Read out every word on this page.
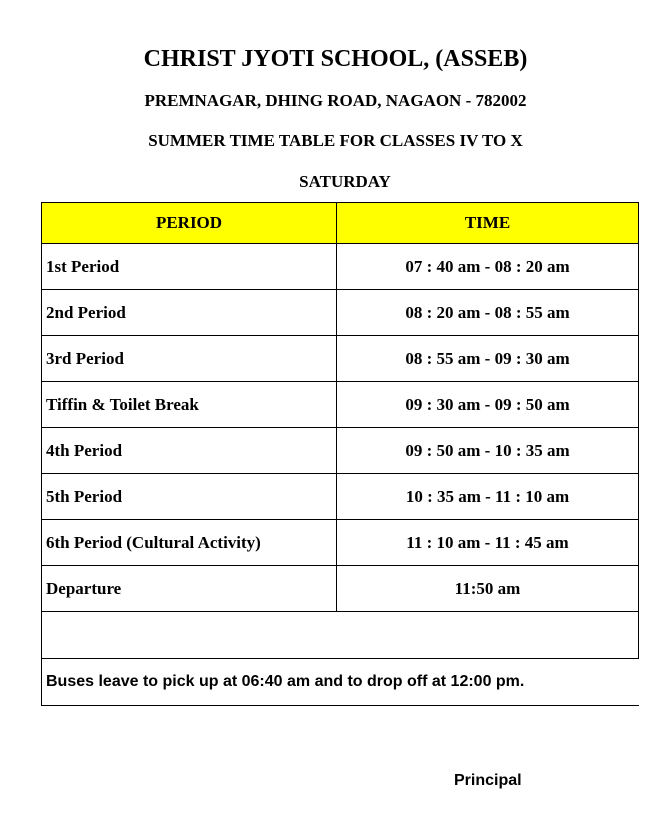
CHRIST JYOTI SCHOOL, (ASSEB)
PREMNAGAR, DHING ROAD, NAGAON - 782002
SUMMER TIME TABLE FOR CLASSES IV TO X
SATURDAY
PERIOD	TIME
1st Period	07 : 40 am - 08 : 20 am
2nd Period	08 : 20 am - 08 : 55 am
3rd Period	08 : 55 am - 09 : 30 am
Tiffin & Toilet Break	09 : 30 am - 09 : 50 am
4th Period	09 : 50 am - 10 : 35 am
5th Period	10 : 35 am - 11 : 10 am
6th Period (Cultural Activity)	11 : 10 am - 11 : 45 am
Departure	11:50 am

Buses leave to pick up at 06:40 am and to drop off at 12:00 pm.	
Principal
